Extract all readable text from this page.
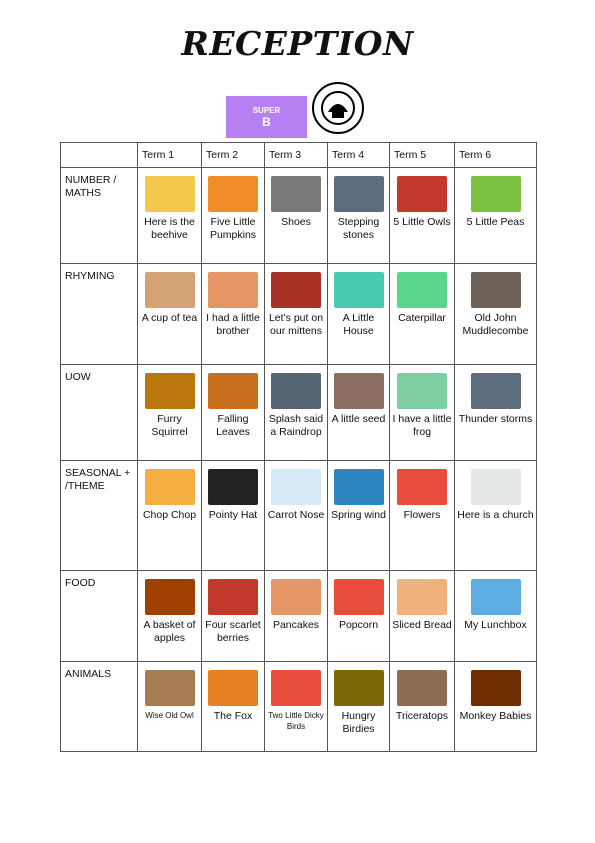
RECEPTION
SUPER
B
	Term 1	Term 2	Term 3	Term 4	Term 5	Term 6
NUMBER / MATHS	Here is the beehive	Five Little Pumpkins	Shoes	Stepping stones	5 Little Owls	5 Little Peas

RHYMING	A cup of tea	I had a little brother	Let’s put on our mittens	A Little House	Caterpillar	Old John Muddlecombe

UOW	Furry Squirrel	Falling Leaves	Splash said a Raindrop	A little seed	I have a little frog	Thunder storms

SEASONAL + /THEME	Chop Chop	Pointy Hat	Carrot Nose	Spring wind	Flowers	Here is a church

FOOD	A basket of apples	Four scarlet berries	Pancakes	Popcorn	Sliced Bread	My Lunchbox

ANIMALS	Wise Old Owl	The Fox	Two Little Dicky Birds	Hungry Birdies	Triceratops	Monkey Babies
